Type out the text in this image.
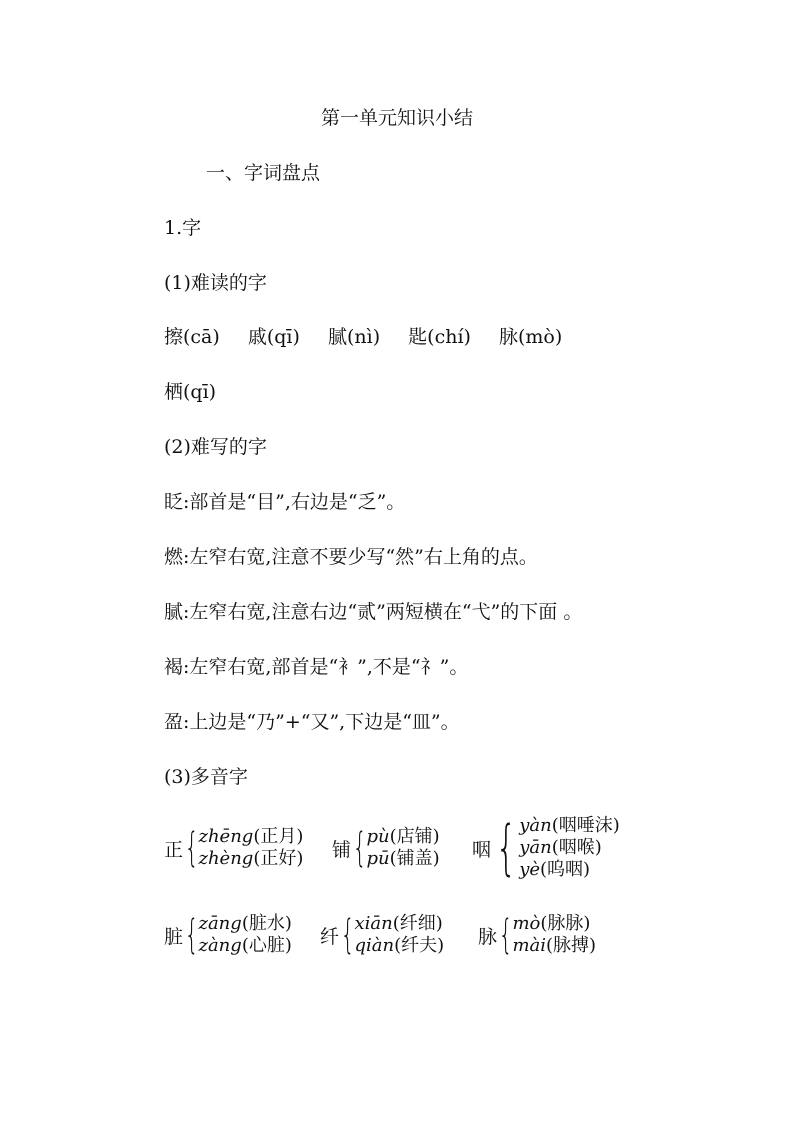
第一单元知识小结
一、字词盘点
1.字
(1)难读的字
擦(cā) 戚(qī) 腻(nì) 匙(chí) 脉(mò)
栖(qī)
(2)难写的字
眨:部首是“目”,右边是“乏”。
燃:左窄右宽,注意不要少写“然”右上角的点。
腻:左窄右宽,注意右边“贰”两短横在“弋”的下面 。
褐:左窄右宽,部首是“衤”,不是“礻”。
盈:上边是“乃”+“又”,下边是“皿”。
(3)多音字
正 { zhēng(正月)
zhèng(正好) 铺 { pù(店铺)
pū(铺盖) 咽 { yàn(咽唾沫)
yān(咽喉)
yè(呜咽)
脏 { zāng(脏水)
zàng(心脏) 纤 { xiān(纤细)
qiàn(纤夫) 脉 { mò(脉脉)
mài(脉搏)
